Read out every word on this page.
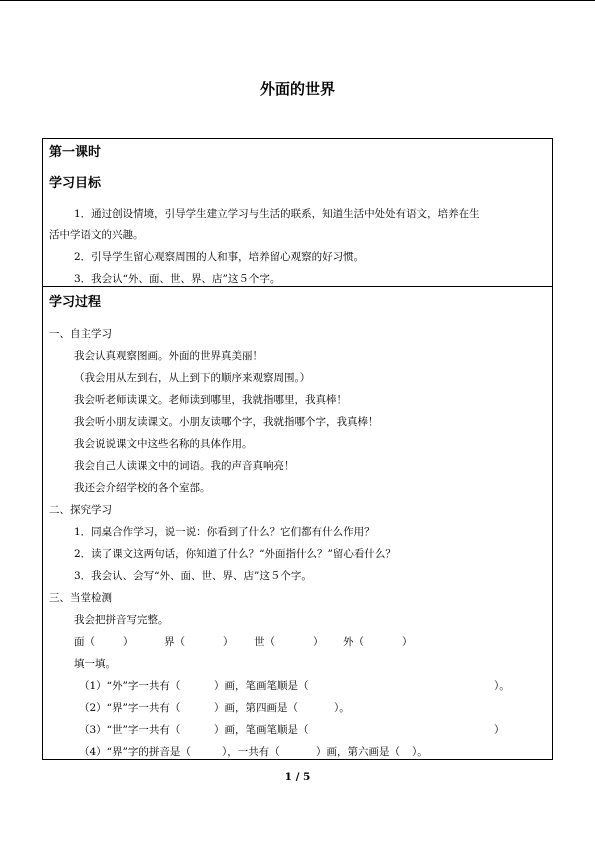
外面的世界
第一课时
学习目标
1．通过创设情境，引导学生建立学习与生活的联系，知道生活中处处有语文，培养在生
活中学语文的兴趣。
2．引导学生留心观察周围的人和事，培养留心观察的好习惯。
3．我会认“外、面、世、界、店”这５个字。
学习过程
一、自主学习
我会认真观察图画。外面的世界真美丽！
（我会用从左到右，从上到下的顺序来观察周围。）
我会听老师读课文。老师读到哪里，我就指哪里，我真棒！
我会听小朋友读课文。小朋友读哪个字，我就指哪个字，我真棒！
我会说说课文中这些名称的具体作用。
我会自己人读课文中的词语。我的声音真响亮！
我还会介绍学校的各个室部。
二、探究学习
1．同桌合作学习，说一说：你看到了什么？它们都有什么作用？
2．读了课文这两句话，你知道了什么？“外面指什么？”留心看什么？
3．我会认、会写“外、面、世、界、店”这５个字。
三、当堂检测
我会把拼音写完整。
面（	）	界（	） 世（	） 外（	）
填一填。
（1）“外”字一共有（	）画，笔画笔顺是（	）。
（2）“界”字一共有（	）画，第四画是（	）。
（3）“世”字一共有（	）画，笔画笔顺是（	）
（4）“界”字的拼音是（	），一共有（	）画，第六画是（ ）。
1 / 5
